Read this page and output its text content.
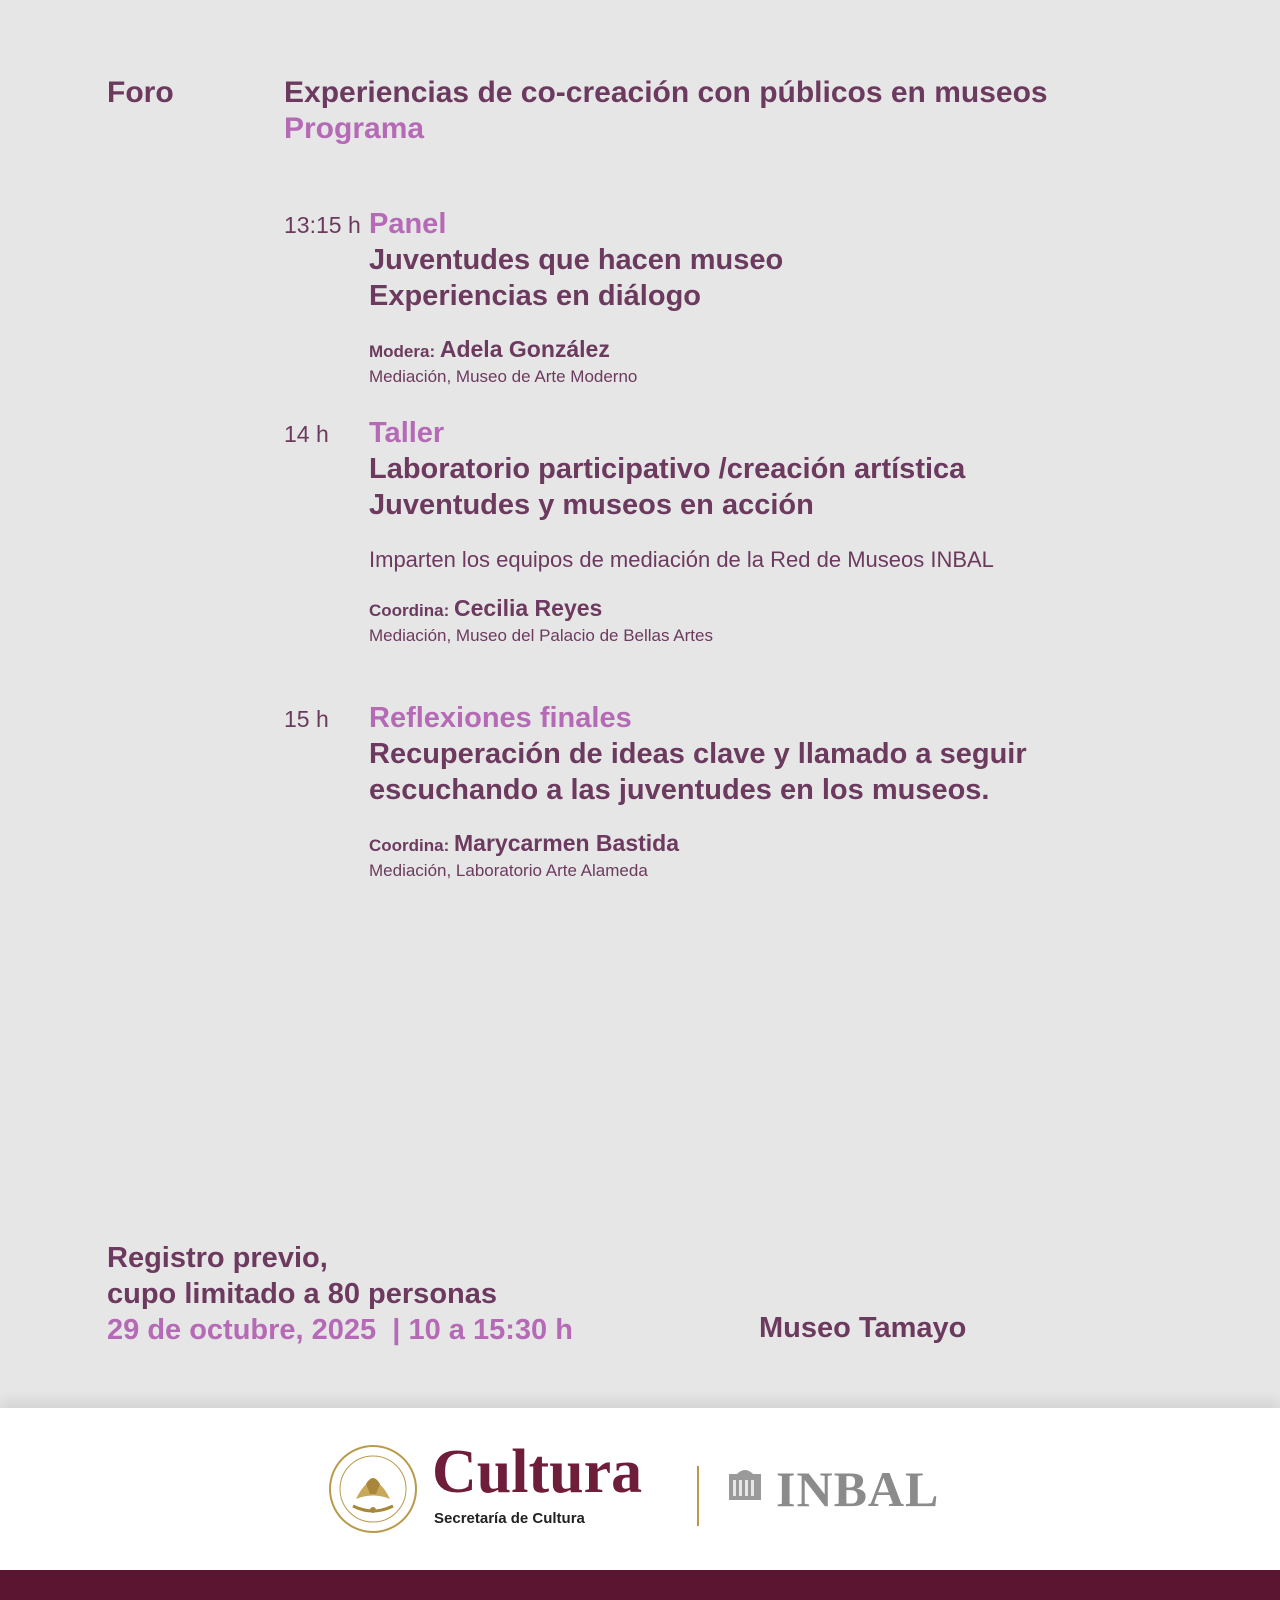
Foro	Experiencias de co-creación con públicos en museos
Programa
13:15 h Panel
Juventudes que hacen museo
Experiencias en diálogo
Modera: Adela González
Mediación, Museo de Arte Moderno
14 h Taller
Laboratorio participativo /creación artística
Juventudes y museos en acción
Imparten los equipos de mediación de la Red de Museos INBAL
Coordina: Cecilia Reyes
Mediación, Museo del Palacio de Bellas Artes
15 h Reflexiones finales
Recuperación de ideas clave y llamado a seguir
escuchando a las juventudes en los museos.
Coordina: Marycarmen Bastida
Mediación, Laboratorio Arte Alameda
Registro previo,
cupo limitado a 80 personas
29 de octubre, 2025  | 10 a 15:30 h	Museo Tamayo
Cultura
Secretaría de Cultura
INBAL
